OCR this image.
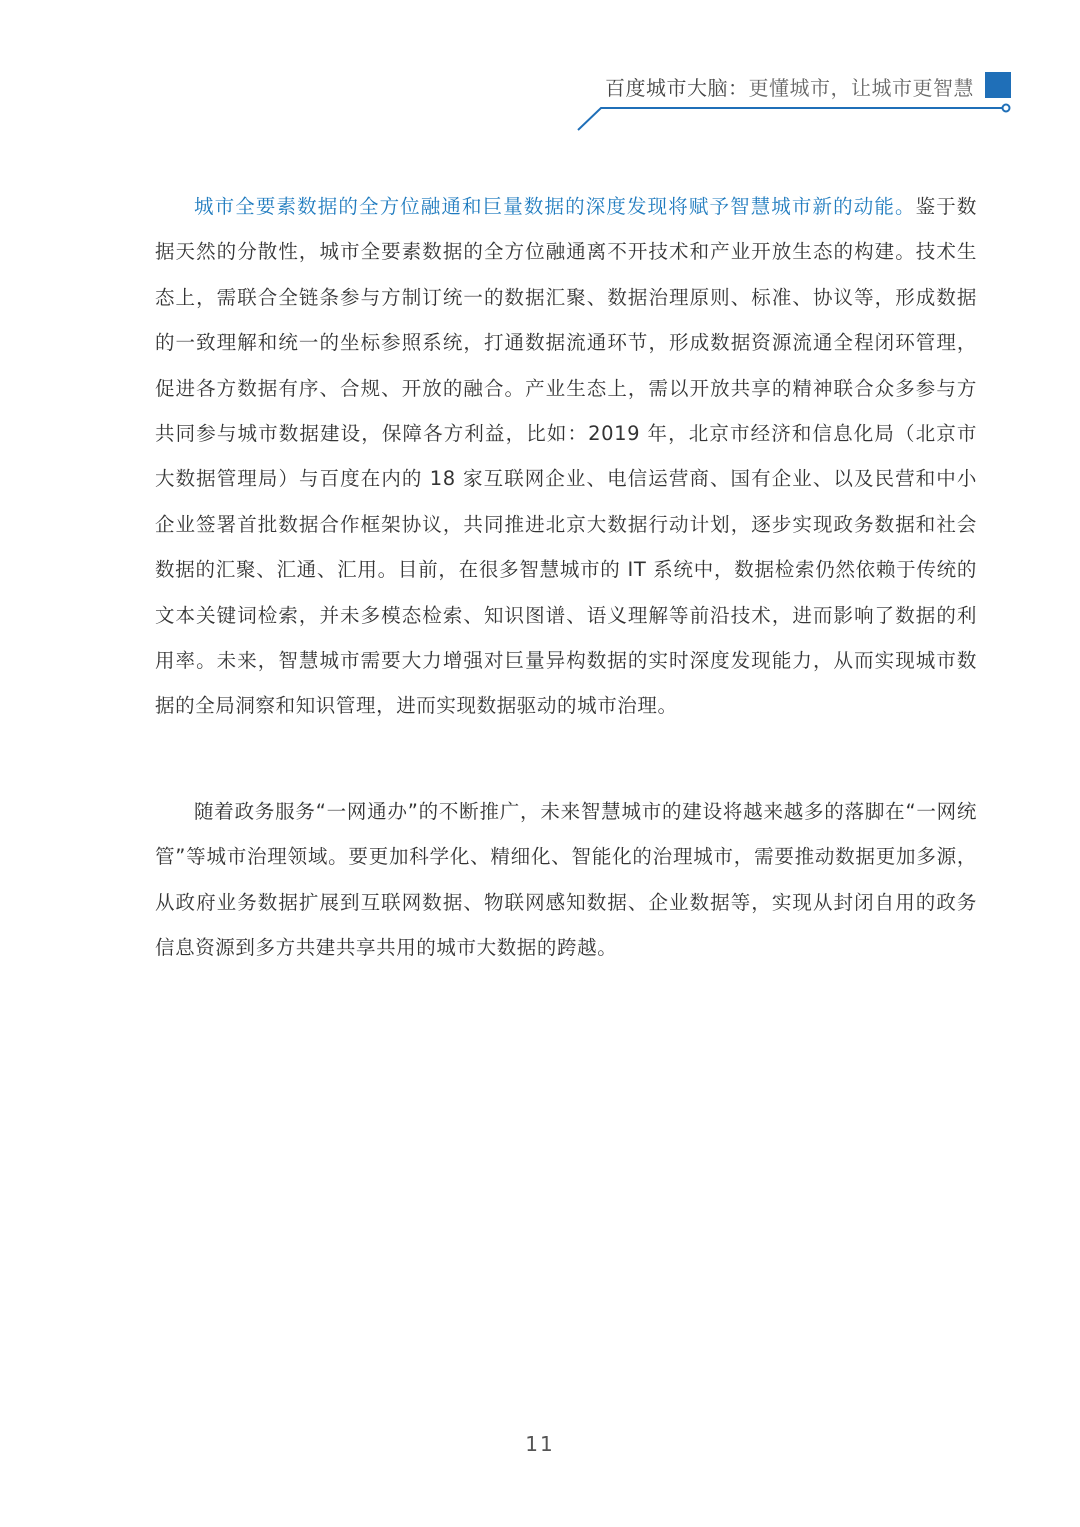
百度城市大脑：更懂城市，让城市更智慧

城市全要素数据的全方位融通和巨量数据的深度发现将赋予智慧城市新的动能。鉴于数据天然的分散性，城市全要素数据的全方位融通离不开技术和产业开放生态的构建。技术生态上，需联合全链条参与方制订统一的数据汇聚、数据治理原则、标准、协议等，形成数据的一致理解和统一的坐标参照系统，打通数据流通环节，形成数据资源流通全程闭环管理，促进各方数据有序、合规、开放的融合。产业生态上，需以开放共享的精神联合众多参与方共同参与城市数据建设，保障各方利益，比如：2019 年，北京市经济和信息化局（北京市大数据管理局）与百度在内的 18 家互联网企业、电信运营商、国有企业、以及民营和中小企业签署首批数据合作框架协议，共同推进北京大数据行动计划，逐步实现政务数据和社会数据的汇聚、汇通、汇用。目前，在很多智慧城市的 IT 系统中，数据检索仍然依赖于传统的文本关键词检索，并未多模态检索、知识图谱、语义理解等前沿技术，进而影响了数据的利用率。未来，智慧城市需要大力增强对巨量异构数据的实时深度发现能力，从而实现城市数据的全局洞察和知识管理，进而实现数据驱动的城市治理。

随着政务服务“一网通办”的不断推广，未来智慧城市的建设将越来越多的落脚在“一网统管”等城市治理领域。要更加科学化、精细化、智能化的治理城市，需要推动数据更加多源，从政府业务数据扩展到互联网数据、物联网感知数据、企业数据等，实现从封闭自用的政务信息资源到多方共建共享共用的城市大数据的跨越。

11
